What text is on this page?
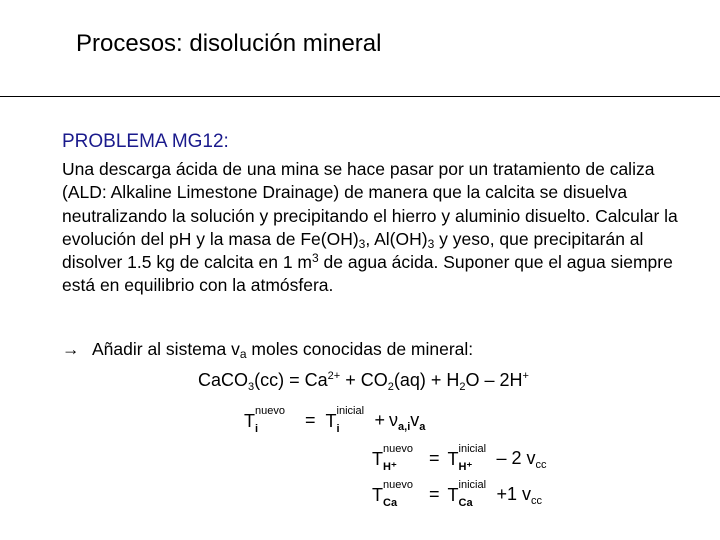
Procesos: disolución mineral
PROBLEMA MG12:
Una descarga ácida de una mina se hace pasar por un tratamiento de caliza (ALD: Alkaline Limestone Drainage) de manera que la calcita se disuelva neutralizando la solución y precipitando el hierro y aluminio disuelto. Calcular la evolución del pH y la masa de $Fe(OH)_3$, $Al(OH)_3$ y yeso, que precipitarán al disolver 1.5 kg de calcita en 1 $m^3$ de agua ácida. Suponer que el agua siempre está en equilibrio con la atmósfera.
→ Añadir al sistema $v_a$ moles conocidas de mineral:
CaCO$_3$(cc) = $Ca^{2+} + CO_2(aq) + H_2O - 2H^+$
T nuevo
i	= T inicial
$i + \nu_{a,i}v_a$
T nuevo
H⁺ = T inicial
H⁺ – 2 $v_{cc}$
T nuevo
Ca = T inicial
Ca +1 $v_{cc}$
